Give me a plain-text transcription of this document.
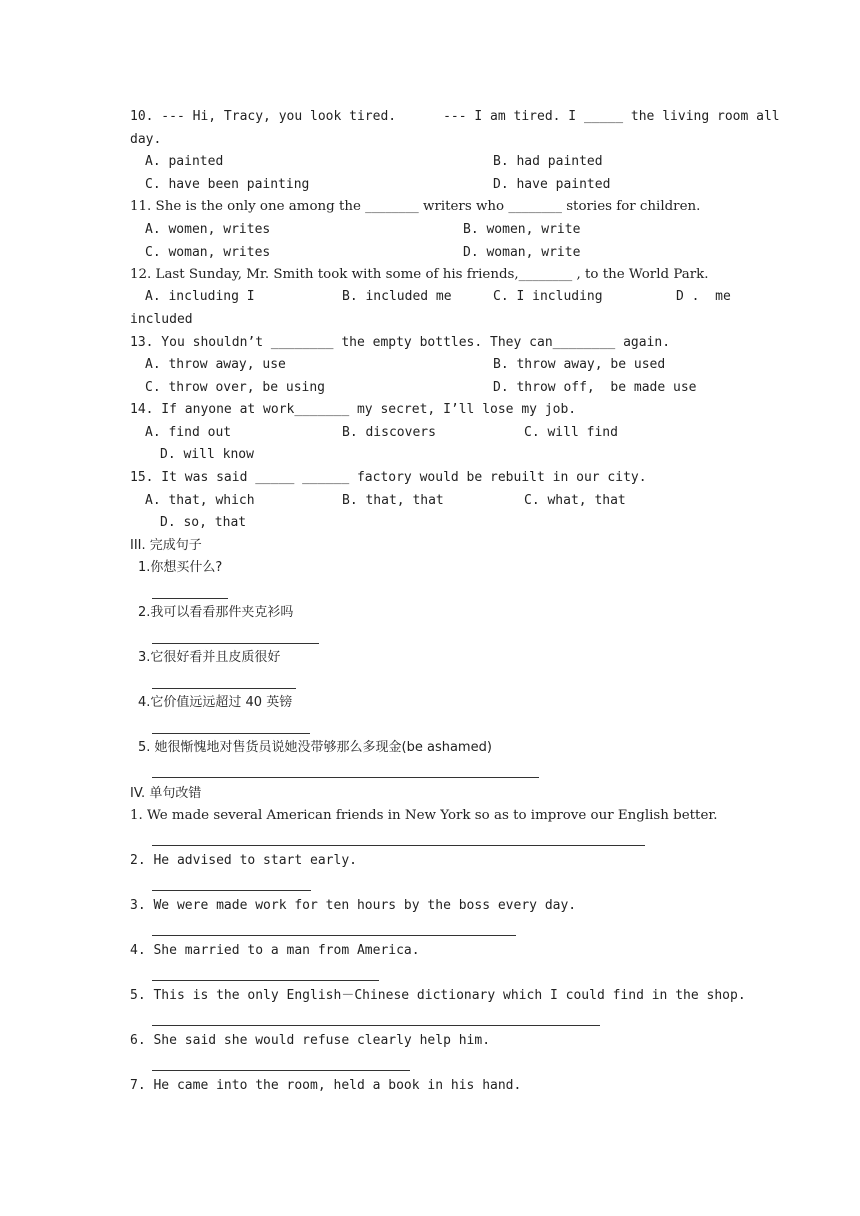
10. --- Hi, Tracy, you look tired.      --- I am tired. I _____ the living room all
day.
A. painted	B. had painted
C. have been painting	D. have painted
11. She is the only one among the ________ writers who ________ stories for children.
A. women, writes	B. women, write
C. woman, writes	D. woman, write
12. Last Sunday, Mr. Smith took with some of his friends,________ , to the World Park.
A. including I	B. included me	C. I including	D .  me
included
13. You shouldn’t ________ the empty bottles. They can________ again.
A. throw away, use	B. throw away, be used
C. throw over, be using	D. throw off,  be made use
14. If anyone at work_______ my secret, I’ll lose my job.
A. find out	B. discovers	C. will find
D. will know
15. It was said _____ ______ factory would be rebuilt in our city.
A. that, which	B. that, that	C. what, that
D. so, that
III. 完成句子
1.你想买什么?
2.我可以看看那件夹克衫吗
3.它很好看并且皮质很好
4.它价值远远超过 40 英镑
5. 她很惭愧地对售货员说她没带够那么多现金(be ashamed)
IV. 单句改错
1. We made several American friends in New York so as to improve our English better.
2. He advised to start early.
3. We were made work for ten hours by the boss every day.
4. She married to a man from America.
5. This is the only English－Chinese dictionary which I could find in the shop.
6. She said she would refuse clearly help him.
7. He came into the room, held a book in his hand.
